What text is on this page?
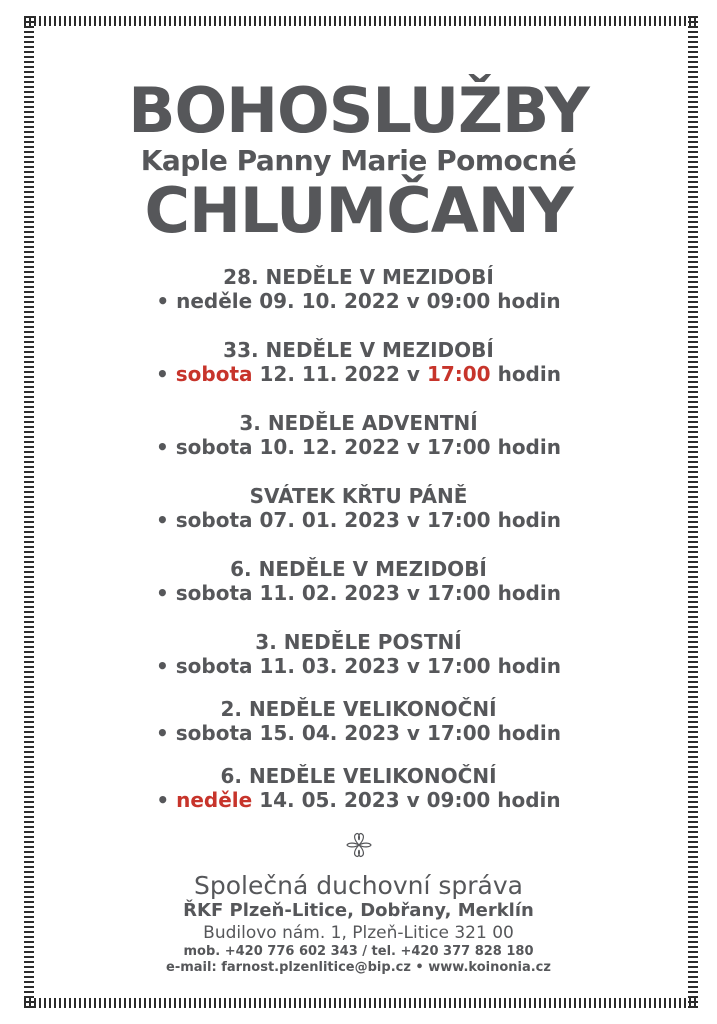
BOHOSLUŽBY
Kaple Panny Marie Pomocné
CHLUMČANY
28. NEDĚLE V MEZIDOBÍ
• neděle 09. 10. 2022 v 09:00 hodin
33. NEDĚLE V MEZIDOBÍ
• sobota 12. 11. 2022 v 17:00 hodin
3. NEDĚLE ADVENTNÍ
• sobota 10. 12. 2022 v 17:00 hodin
SVÁTEK KŘTU PÁNĚ
• sobota 07. 01. 2023 v 17:00 hodin
6. NEDĚLE V MEZIDOBÍ
• sobota 11. 02. 2023 v 17:00 hodin
3. NEDĚLE POSTNÍ
• sobota 11. 03. 2023 v 17:00 hodin
2. NEDĚLE VELIKONOČNÍ
• sobota 15. 04. 2023 v 17:00 hodin
6. NEDĚLE VELIKONOČNÍ
• neděle 14. 05. 2023 v 09:00 hodin
Společná duchovní správa
ŘKF Plzeň-Litice, Dobřany, Merklín
Budilovo nám. 1, Plzeň-Litice 321 00
mob. +420 776 602 343 / tel. +420 377 828 180
e-mail: farnost.plzenlitice@bip.cz • www.koinonia.cz
